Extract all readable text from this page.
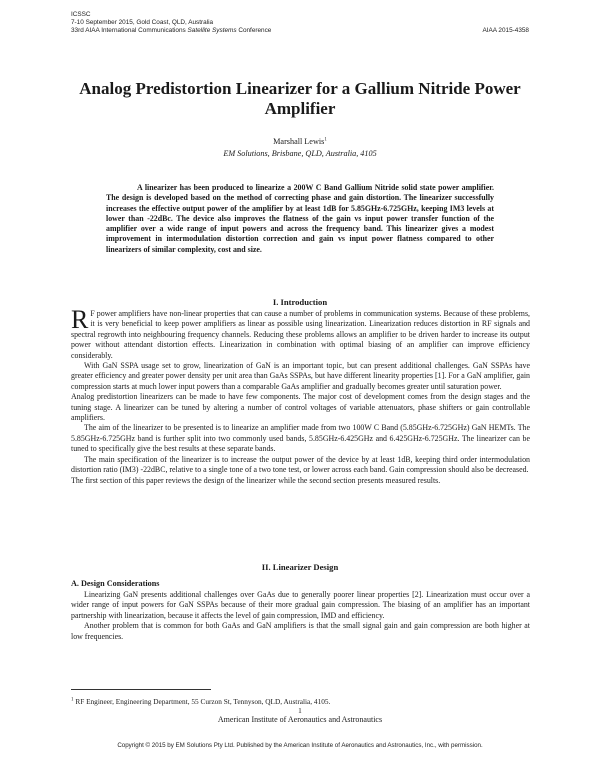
ICSSC
7-10 September 2015, Gold Coast, QLD, Australia
33rd AIAA International Communications Satellite Systems Conference	AIAA 2015-4358
Analog Predistortion Linearizer for a Gallium Nitride Power Amplifier
Marshall Lewis$^1$
EM Solutions, Brisbane, QLD, Australia, 4105

A linearizer has been produced to linearize a 200W C Band Gallium Nitride solid state power amplifier. The design is developed based on the method of correcting phase and gain distortion. The linearizer successfully increases the effective output power of the amplifier by at least 1dB for 5.85GHz-6.725GHz, keeping IM3 levels at lower than -22dBc. The device also improves the flatness of the gain vs input power transfer function of the amplifier over a wide range of input powers and across the frequency band. This linearizer gives a modest improvement in intermodulation distortion correction and gain vs input power flatness compared to other linearizers of similar complexity, cost and size.

I. Introduction

R F power amplifiers have non-linear properties that can cause a number of problems in communication systems. Because of these problems, it is very beneficial to keep power amplifiers as linear as possible using linearization. Linearization reduces distortion in RF signals and spectral regrowth into neighbouring frequency channels. Reducing these problems allows an amplifier to be driven harder to increase its output power without attendant distortion effects. Linearization in combination with optimal biasing of an amplifier can improve efficiency considerably.

With GaN SSPA usage set to grow, linearization of GaN is an important topic, but can present additional challenges. GaN SSPAs have greater efficiency and greater power density per unit area than GaAs SSPAs, but have different linearity properties [1]. For a GaN amplifier, gain compression starts at much lower input powers than a comparable GaAs amplifier and gradually becomes greater until saturation power.

Analog predistortion linearizers can be made to have few components. The major cost of development comes from the design stages and the tuning stage. A linearizer can be tuned by altering a number of control voltages of variable attenuators, phase shifters or gain controllable amplifiers.

The aim of the linearizer to be presented is to linearize an amplifier made from two 100W C Band (5.85GHz-6.725GHz) GaN HEMTs. The 5.85GHz-6.725GHz band is further split into two commonly used bands, 5.85GHz-6.425GHz and 6.425GHz-6.725GHz. The linearizer can be tuned to specifically give the best results at these separate bands.

The main specification of the linearizer is to increase the output power of the device by at least 1dB, keeping third order intermodulation distortion ratio (IM3) -22dBC, relative to a single tone of a two tone test, or lower across each band. Gain compression should also be decreased.

The first section of this paper reviews the design of the linearizer while the second section presents measured results.

II. Linearizer Design
A. Design Considerations

Linearizing GaN presents additional challenges over GaAs due to generally poorer linear properties [2]. Linearization must occur over a wider range of input powers for GaN SSPAs because of their more gradual gain compression. The biasing of an amplifier has an important partnership with linearization, because it affects the level of gain compression, IMD and efficiency.

Another problem that is common for both GaAs and GaN amplifiers is that the small signal gain and gain compression are both higher at low frequencies.

$^1$ RF Engineer, Engineering Department, 55 Curzon St, Tennyson, QLD, Australia, 4105.
1
American Institute of Aeronautics and Astronautics
Copyright © 2015 by EM Solutions Pty Ltd. Published by the American Institute of Aeronautics and Astronautics, Inc., with permission.
